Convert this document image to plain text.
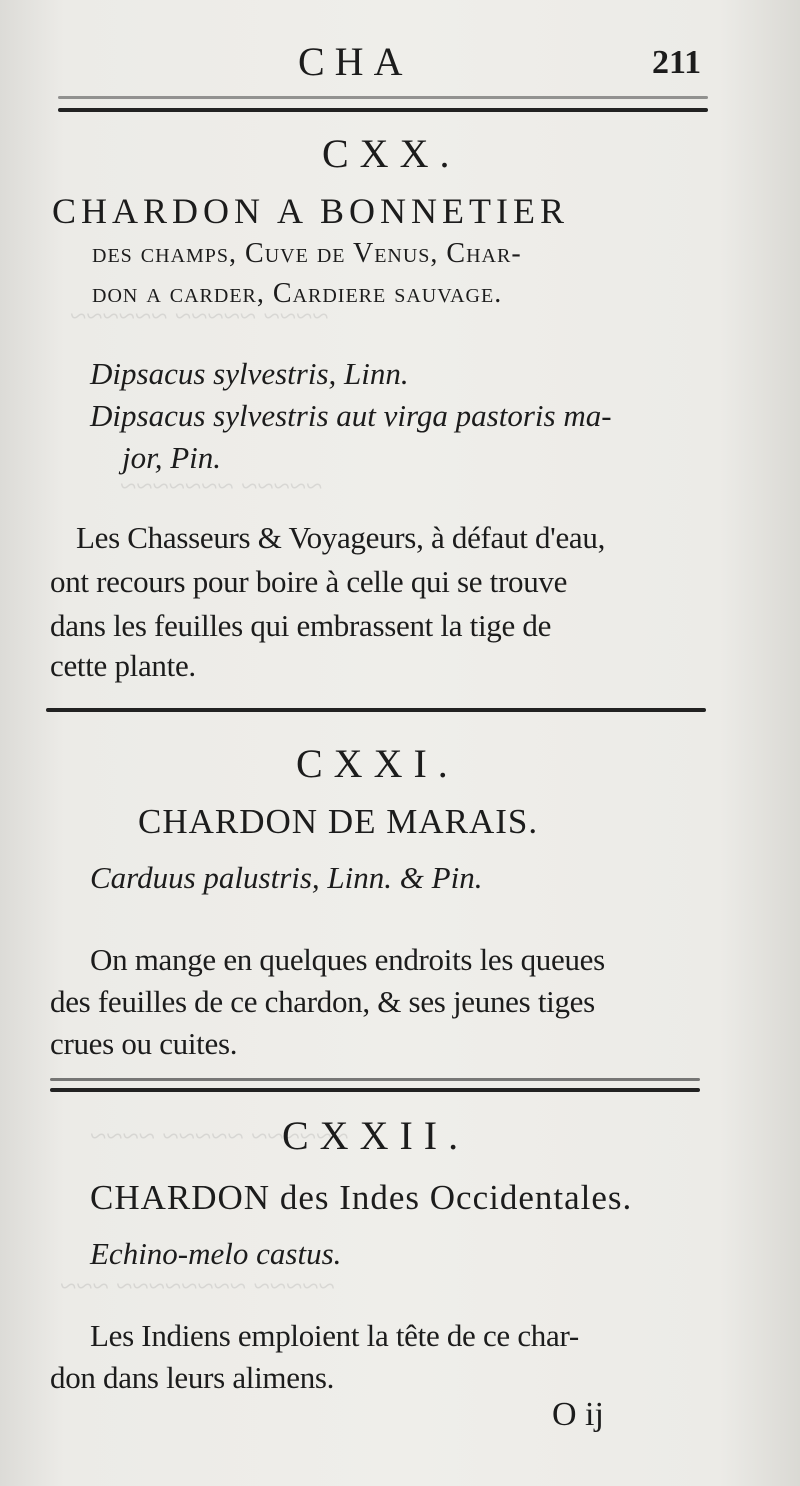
~~~~ ~~~~~ ~~~~~~
~~~~~ ~~~~~~~
~~~~~~ ~~~~~ ~~~~
~~~~~ ~~~~~~~~ ~~~
CHA	211
CXX.
CHARDON A BONNETIER
des champs, Cuve de Venus, Char-
don a carder, Cardiere sauvage.
Dipsacus sylvestris, Linn.
Dipsacus sylvestris aut virga pastoris ma-
jor, Pin.
Les Chasseurs & Voyageurs, à défaut d'eau,
ont recours pour boire à celle qui se trouve
dans les feuilles qui embrassent la tige de
cette plante.
CXXI.
CHARDON DE MARAIS.
Carduus palustris, Linn. & Pin.
On mange en quelques endroits les queues
des feuilles de ce chardon, & ses jeunes tiges
crues ou cuites.
CXXII.
CHARDON des Indes Occidentales.
Echino-melo castus.
Les Indiens emploient la tête de ce char-
don dans leurs alimens.
O ij
